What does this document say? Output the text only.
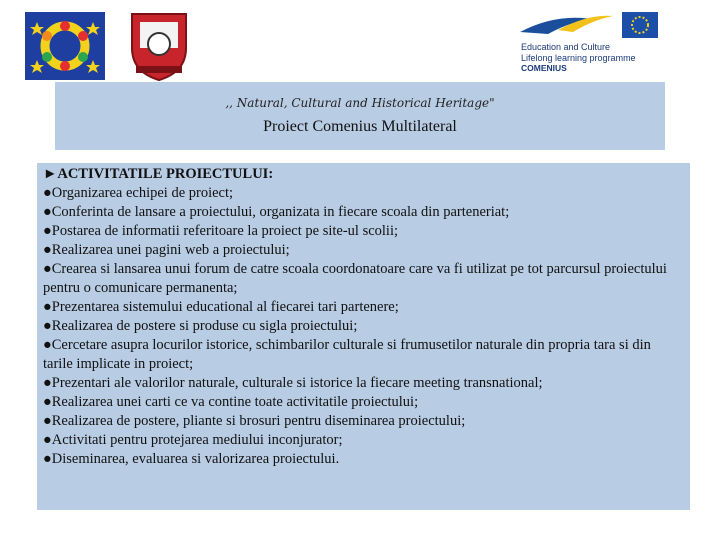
Education and Culture
Lifelong learning programme
COMENIUS
,, Natural, Cultural and Historical Heritage"
Proiect Comenius Multilateral
►ACTIVITATILE PROIECTULUI:
●Organizarea echipei de proiect;
●Conferinta de lansare a proiectului, organizata in fiecare scoala din parteneriat;
●Postarea de informatii referitoare la proiect pe site-ul scolii;
●Realizarea unei pagini web a proiectului;
●Crearea si lansarea unui forum de catre scoala coordonatoare care va fi utilizat pe tot parcursul proiectului pentru o comunicare permanenta;
●Prezentarea sistemului educational al fiecarei tari partenere;
●Realizarea de postere si produse cu sigla proiectului;
●Cercetare asupra locurilor istorice, schimbarilor culturale si frumusetilor naturale din propria tara si din tarile implicate in proiect;
●Prezentari ale valorilor naturale, culturale si istorice la fiecare meeting transnational;
●Realizarea unei carti ce va contine toate activitatile proiectului;
●Realizarea de postere, pliante si brosuri pentru diseminarea proiectului;
●Activitati pentru protejarea mediului inconjurator;
●Diseminarea, evaluarea si valorizarea proiectului.
